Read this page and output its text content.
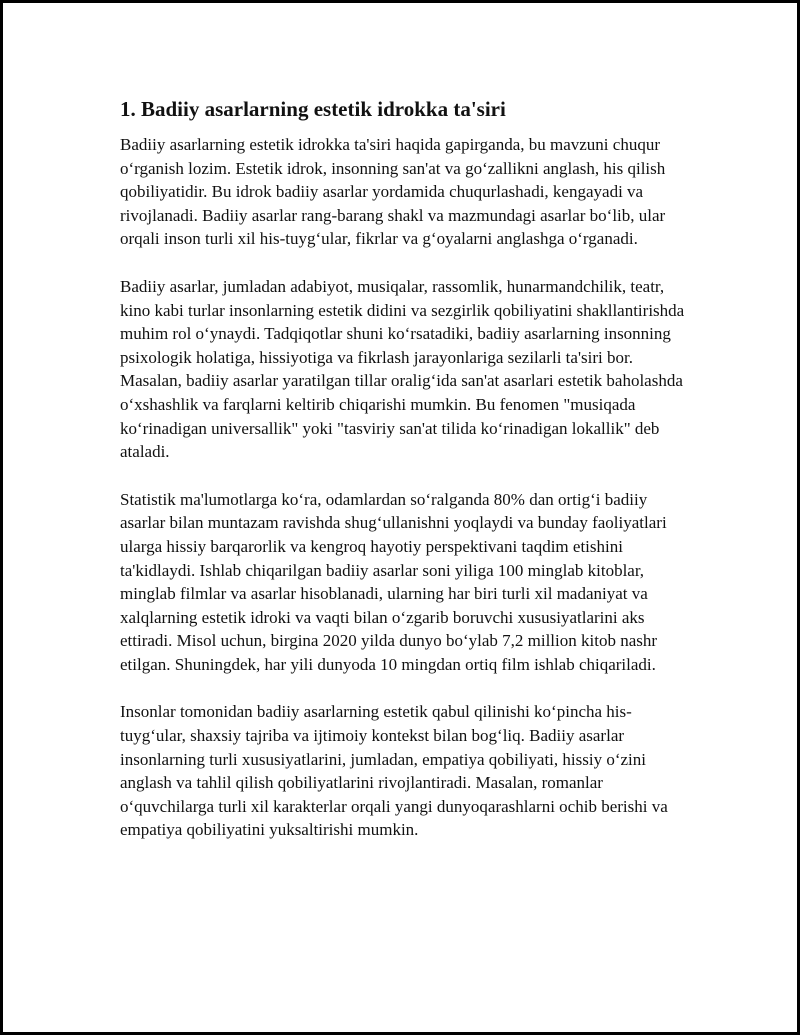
1. Badiiy asarlarning estetik idrokka ta'siri

Badiiy asarlarning estetik idrokka ta'siri haqida gapirganda, bu mavzuni chuqur o‘rganish lozim. Estetik idrok, insonning san'at va go‘zallikni anglash, his qilish qobiliyatidir. Bu idrok badiiy asarlar yordamida chuqurlashadi, kengayadi va rivojlanadi. Badiiy asarlar rang-barang shakl va mazmundagi asarlar bo‘lib, ular orqali inson turli xil his-tuyg‘ular, fikrlar va g‘oyalarni anglashga o‘rganadi.

Badiiy asarlar, jumladan adabiyot, musiqalar, rassomlik, hunarmandchilik, teatr, kino kabi turlar insonlarning estetik didini va sezgirlik qobiliyatini shakllantirishda muhim rol o‘ynaydi. Tadqiqotlar shuni ko‘rsatadiki, badiiy asarlarning insonning psixologik holatiga, hissiyotiga va fikrlash jarayonlariga sezilarli ta'siri bor. Masalan, badiiy asarlar yaratilgan tillar oralig‘ida san'at asarlari estetik baholashda o‘xshashlik va farqlarni keltirib chiqarishi mumkin. Bu fenomen "musiqada ko‘rinadigan universallik" yoki "tasviriy san'at tilida ko‘rinadigan lokallik" deb ataladi.

Statistik ma'lumotlarga ko‘ra, odamlardan so‘ralganda 80% dan ortig‘i badiiy asarlar bilan muntazam ravishda shug‘ullanishni yoqlaydi va bunday faoliyatlari ularga hissiy barqarorlik va kengroq hayotiy perspektivani taqdim etishini ta'kidlaydi. Ishlab chiqarilgan badiiy asarlar soni yiliga 100 minglab kitoblar, minglab filmlar va asarlar hisoblanadi, ularning har biri turli xil madaniyat va xalqlarning estetik idroki va vaqti bilan o‘zgarib boruvchi xususiyatlarini aks ettiradi. Misol uchun, birgina 2020 yilda dunyo bo‘ylab 7,2 million kitob nashr etilgan. Shuningdek, har yili dunyoda 10 mingdan ortiq film ishlab chiqariladi.

Insonlar tomonidan badiiy asarlarning estetik qabul qilinishi ko‘pincha his-tuyg‘ular, shaxsiy tajriba va ijtimoiy kontekst bilan bog‘liq. Badiiy asarlar insonlarning turli xususiyatlarini, jumladan, empatiya qobiliyati, hissiy o‘zini anglash va tahlil qilish qobiliyatlarini rivojlantiradi. Masalan, romanlar o‘quvchilarga turli xil karakterlar orqali yangi dunyoqarashlarni ochib berishi va empatiya qobiliyatini yuksaltirishi mumkin.
